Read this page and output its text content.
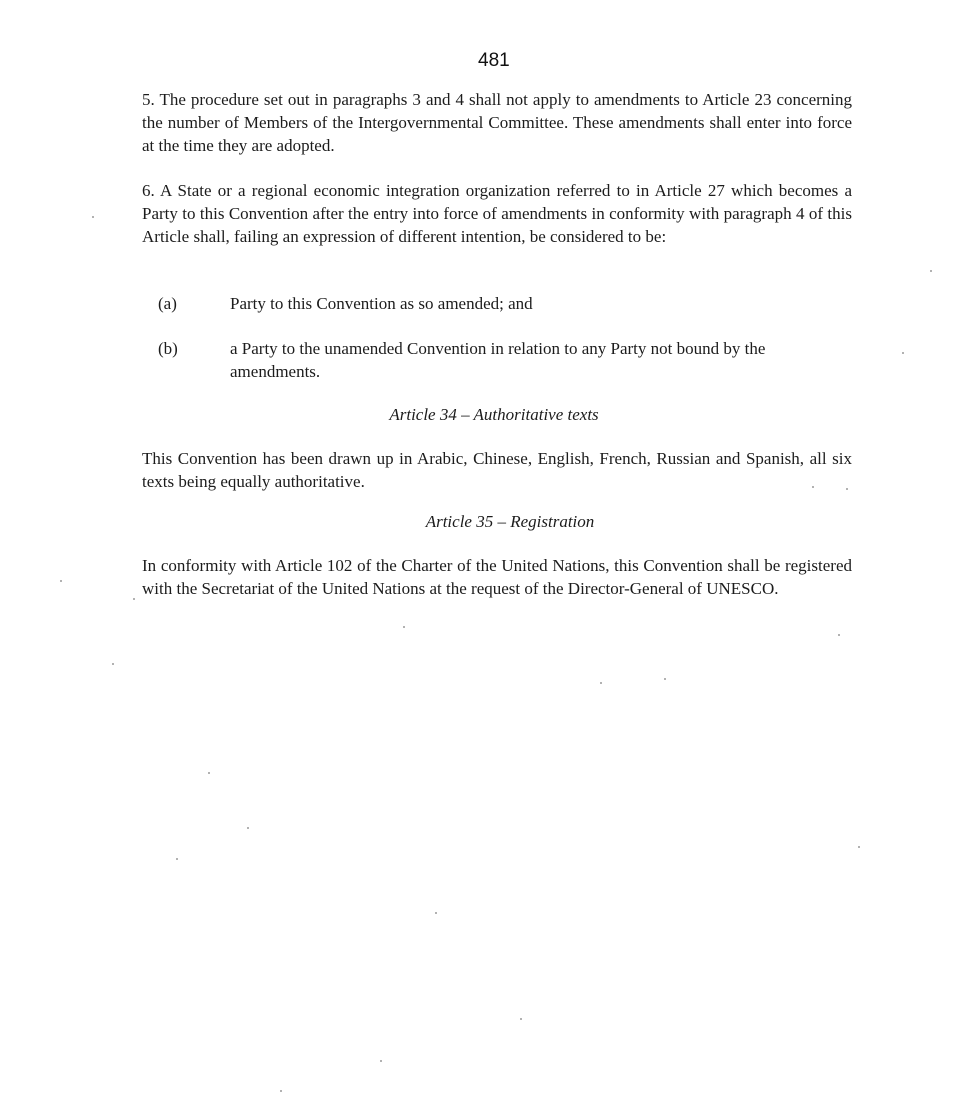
481

5. The procedure set out in paragraphs 3 and 4 shall not apply to amendments to Article 23 concerning the number of Members of the Intergovernmental Committee. These amendments shall enter into force at the time they are adopted.

6. A State or a regional economic integration organization referred to in Article 27 which becomes a Party to this Convention after the entry into force of amendments in conformity with paragraph 4 of this Article shall, failing an expression of different intention, be considered to be:

(a)	Party to this Convention as so amended; and
(b)	a Party to the unamended Convention in relation to any Party not bound by the amendments.
Article 34 – Authoritative texts

This Convention has been drawn up in Arabic, Chinese, English, French, Russian and Spanish, all six texts being equally authoritative.

Article 35 – Registration

In conformity with Article 102 of the Charter of the United Nations, this Convention shall be registered with the Secretariat of the United Nations at the request of the Director-General of UNESCO.
